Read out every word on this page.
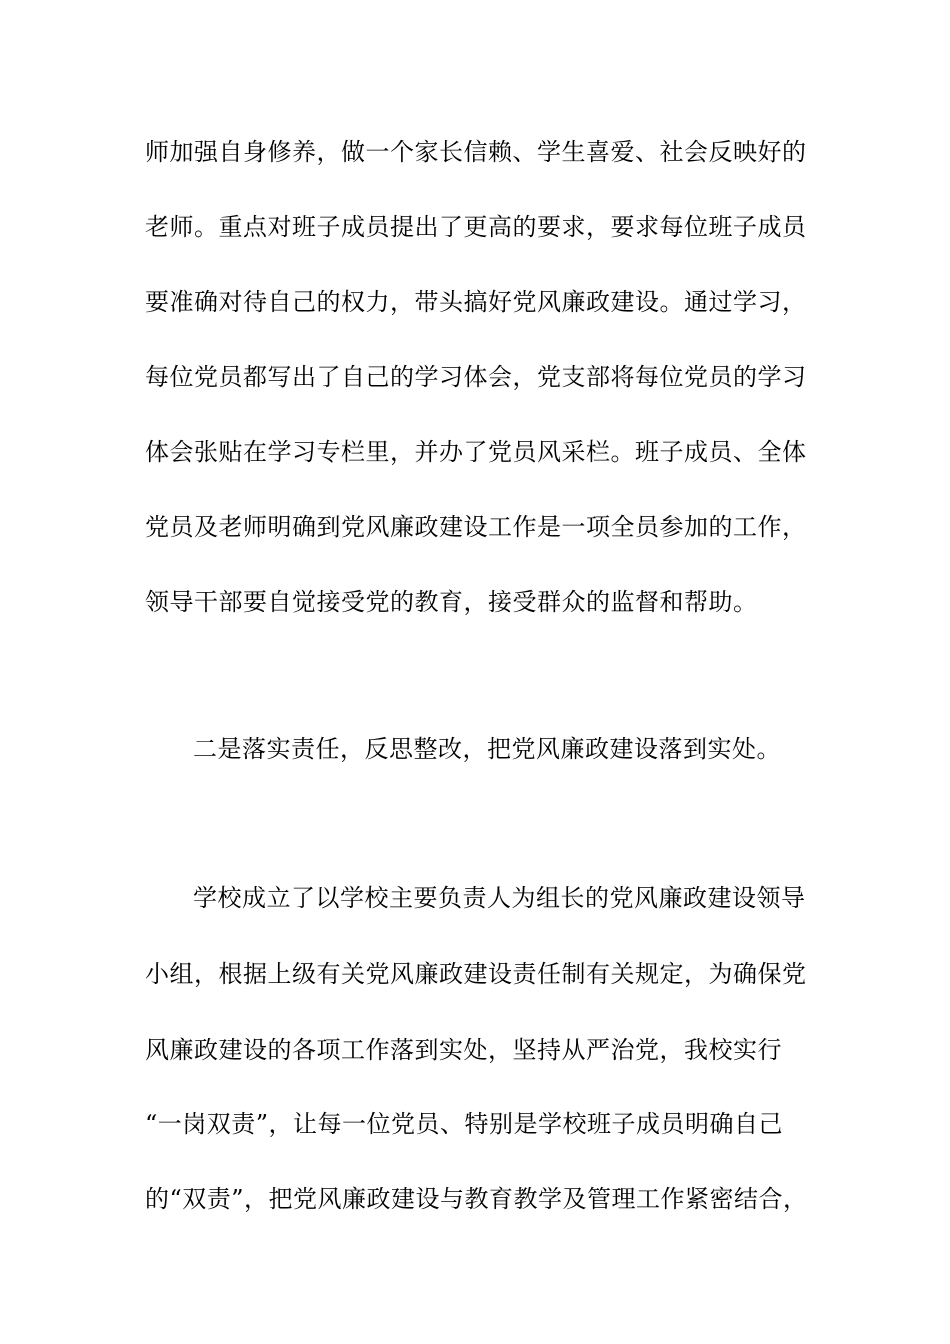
师加强自身修养，做一个家长信赖、学生喜爱、社会反映好的
老师。重点对班子成员提出了更高的要求，要求每位班子成员
要准确对待自己的权力，带头搞好党风廉政建设。通过学习，
每位党员都写出了自己的学习体会，党支部将每位党员的学习
体会张贴在学习专栏里，并办了党员风采栏。班子成员、全体
党员及老师明确到党风廉政建设工作是一项全员参加的工作，
领导干部要自觉接受党的教育，接受群众的监督和帮助。
二是落实责任，反思整改，把党风廉政建设落到实处。
学校成立了以学校主要负责人为组长的党风廉政建设领导
小组，根据上级有关党风廉政建设责任制有关规定，为确保党
风廉政建设的各项工作落到实处，坚持从严治党，我校实行
“一岗双责”，让每一位党员、特别是学校班子成员明确自己
的“双责”，把党风廉政建设与教育教学及管理工作紧密结合，
